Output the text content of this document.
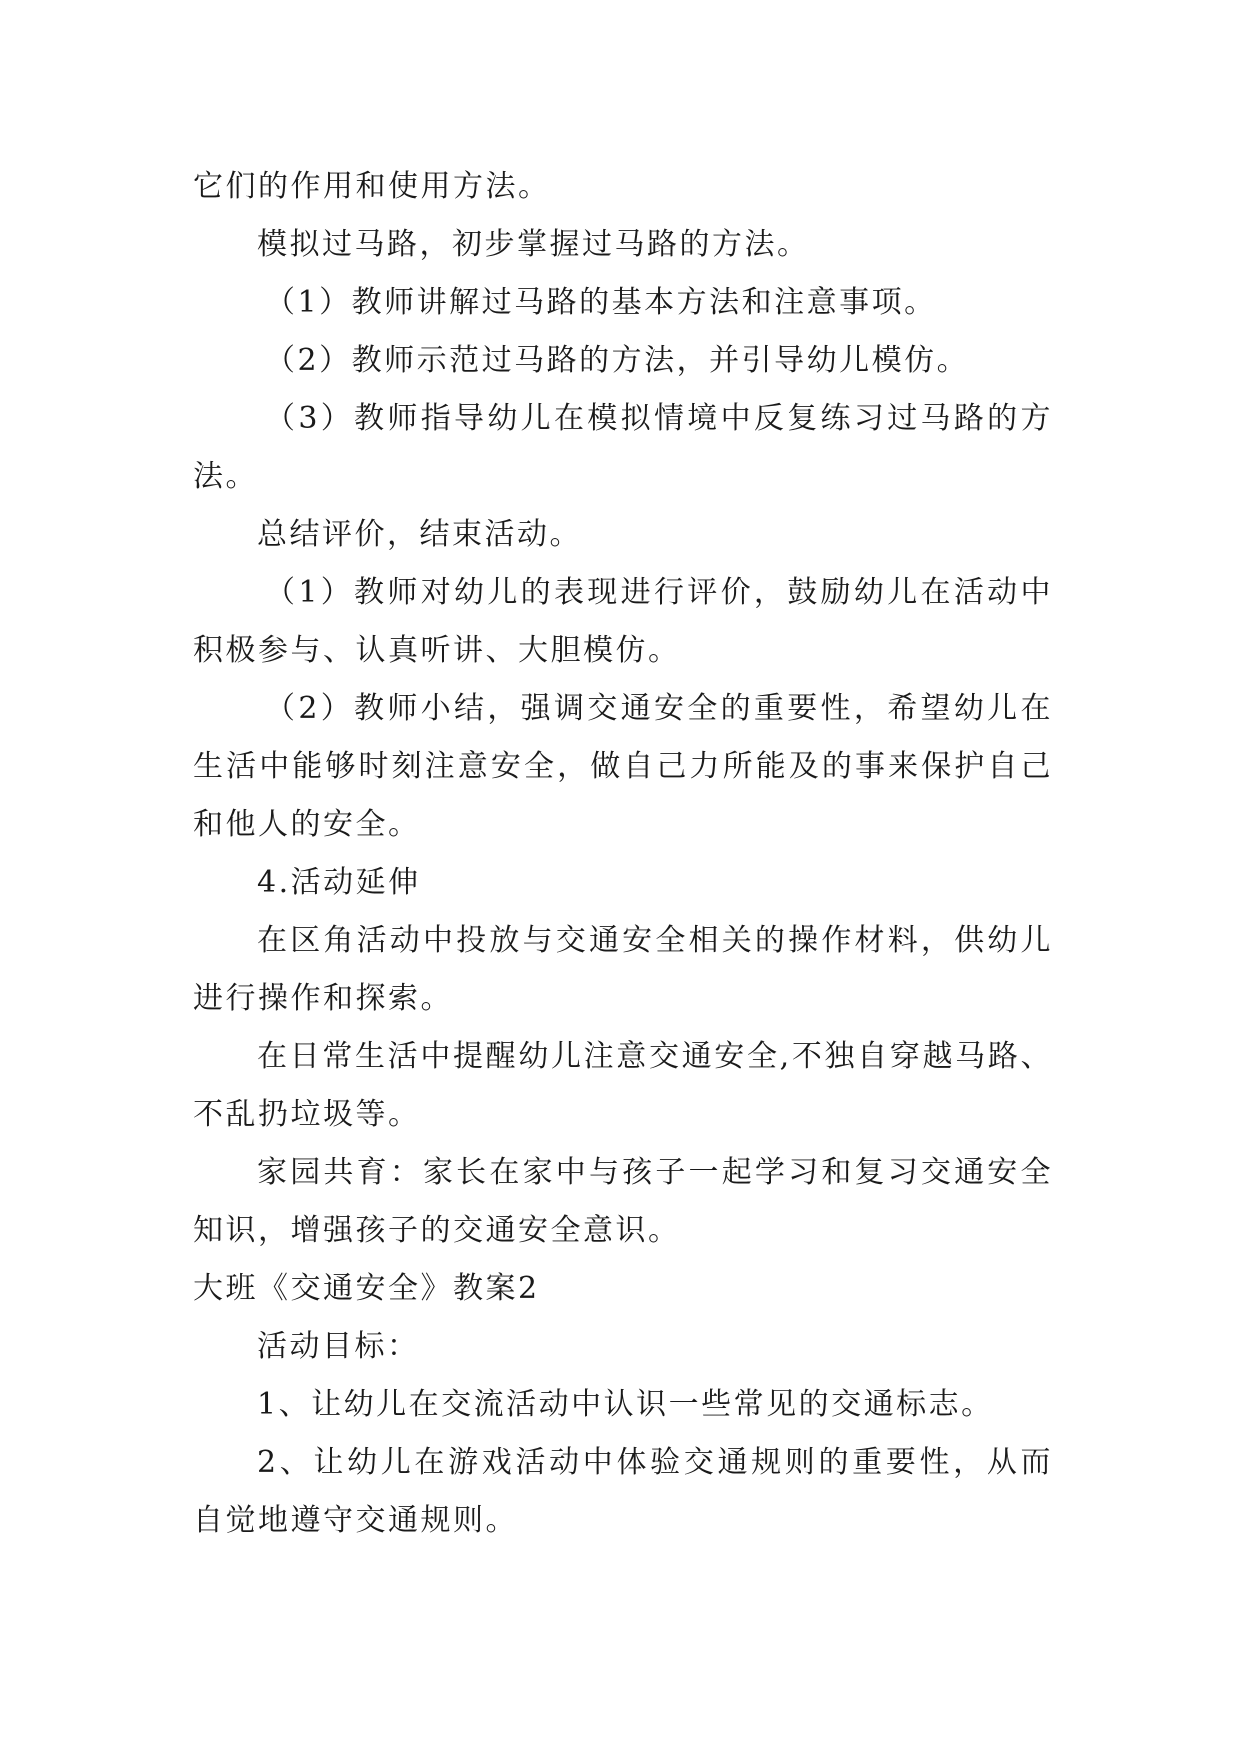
它们的作用和使用方法。

模拟过马路，初步掌握过马路的方法。

（1）教师讲解过马路的基本方法和注意事项。

（2）教师示范过马路的方法，并引导幼儿模仿。

（3）教师指导幼儿在模拟情境中反复练习过马路的方法。

总结评价，结束活动。

（1）教师对幼儿的表现进行评价，鼓励幼儿在活动中积极参与、认真听讲、大胆模仿。

（2）教师小结，强调交通安全的重要性，希望幼儿在生活中能够时刻注意安全，做自己力所能及的事来保护自己和他人的安全。

4.活动延伸

在区角活动中投放与交通安全相关的操作材料，供幼儿进行操作和探索。

在日常生活中提醒幼儿注意交通安全,不独自穿越马路、不乱扔垃圾等。

家园共育：家长在家中与孩子一起学习和复习交通安全知识，增强孩子的交通安全意识。

大班《交通安全》教案2

活动目标：

1、让幼儿在交流活动中认识一些常见的交通标志。

2、让幼儿在游戏活动中体验交通规则的重要性，从而自觉地遵守交通规则。
